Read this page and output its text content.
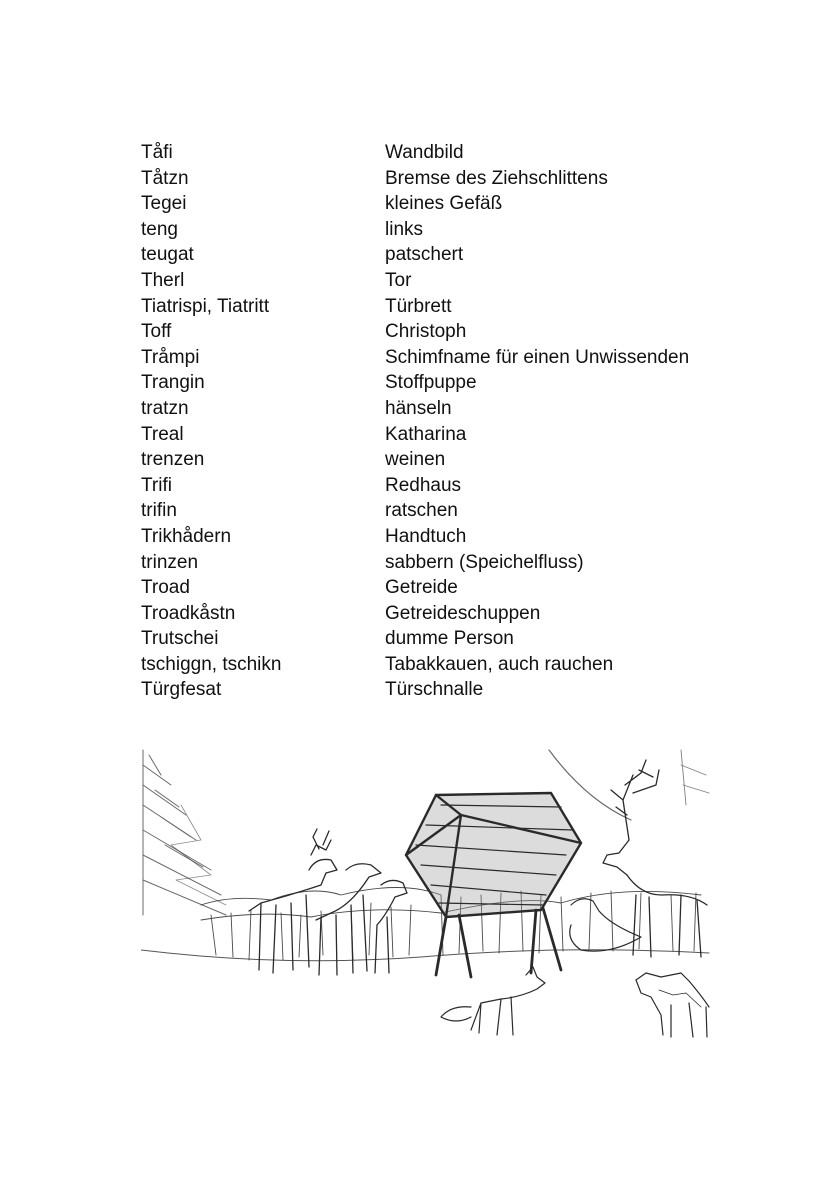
Tåfi	Wandbild
Tåtzn	Bremse des Ziehschlittens
Tegei	kleines Gefäß
teng	links
teugat	patschert
Therl	Tor
Tiatrispi, Tiatritt	Türbrett
Toff	Christoph
Tråmpi	Schimfname für einen Unwissenden
Trangin	Stoffpuppe
tratzn	hänseln
Treal	Katharina
trenzen	weinen
Trifi	Redhaus
trifin	ratschen
Trikhådern	Handtuch
trinzen	sabbern (Speichelfluss)
Troad	Getreide
Troadkåstn	Getreideschuppen
Trutschei	dumme Person
tschiggn, tschikn	Tabakkauen, auch rauchen
Türgfesat	Türschnalle
